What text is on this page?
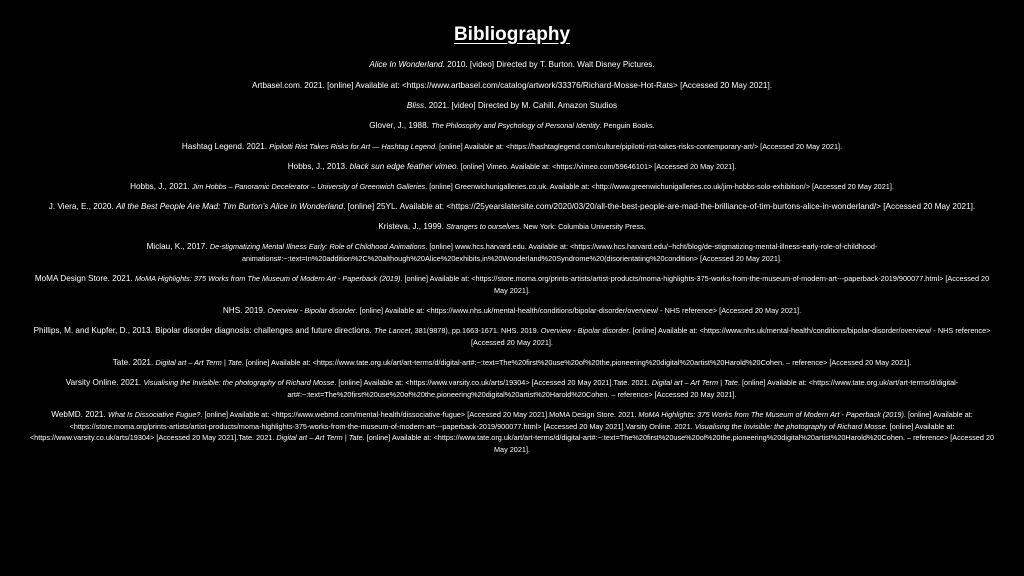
Bibliography
Alice In Wonderland. 2010. [video] Directed by T. Burton. Walt Disney Pictures.
Artbasel.com. 2021. [online] Available at: <https://www.artbasel.com/catalog/artwork/33376/Richard-Mosse-Hot-Rats> [Accessed 20 May 2021].
Bliss. 2021. [video] Directed by M. Cahill. Amazon Studios
Glover, J., 1988. The Philosophy and Psychology of Personal Identity. Penguin Books.
Hashtag Legend. 2021. Pipilotti Rist Takes Risks for Art — Hashtag Legend. [online] Available at: <https://hashtaglegend.com/culture/pipilotti-rist-takes-risks-contemporary-art/> [Accessed 20 May 2021].
Hobbs, J., 2013. black sun edge feather vimeo. [online] Vimeo. Available at: <https://vimeo.com/59646101> [Accessed 20 May 2021].
Hobbs, J., 2021. Jim Hobbs – Panoramic Decelerator – University of Greenwich Galleries. [online] Greenwichunigalleries.co.uk. Available at: <http://www.greenwichunigalleries.co.uk/jim-hobbs-solo-exhibition/> [Accessed 20 May 2021].
J. Viera, E., 2020. All the Best People Are Mad: Tim Burton’s Alice in Wonderland. [online] 25YL. Available at: <https://25yearslatersite.com/2020/03/20/all-the-best-people-are-mad-the-brilliance-of-tim-burtons-alice-in-wonderland/> [Accessed 20 May 2021].
Kristeva, J., 1999. Strangers to ourselves. New York: Columbia University Press.
Miclau, K., 2017. De-stigmatizing Mental Illness Early: Role of Childhood Animations. [online] www.hcs.harvard.edu. Available at: <https://www.hcs.harvard.edu/~hcht/blog/de-stigmatizing-mental-illness-early-role-of-childhood-animations#:~:text=In%20addition%2C%20although%20Alice%20exhibits,in%20Wonderland%20Syndrome%20(disorientating%20condition> [Accessed 20 May 2021].
MoMA Design Store. 2021. MoMA Highlights: 375 Works from The Museum of Modern Art - Paperback (2019). [online] Available at: <https://store.moma.org/prints-artists/artist-products/moma-highlights-375-works-from-the-museum-of-modern-art---paperback-2019/900077.html> [Accessed 20 May 2021].
NHS. 2019. Overview - Bipolar disorder. [online] Available at: <https://www.nhs.uk/mental-health/conditions/bipolar-disorder/overview/ - NHS reference> [Accessed 20 May 2021].
Phillips, M. and Kupfer, D., 2013. Bipolar disorder diagnosis: challenges and future directions. The Lancet, 381(9878), pp.1663-1671. NHS. 2019. Overview - Bipolar disorder. [online] Available at: <https://www.nhs.uk/mental-health/conditions/bipolar-disorder/overview/ - NHS reference> [Accessed 20 May 2021].
Tate. 2021. Digital art – Art Term | Tate. [online] Available at: <https://www.tate.org.uk/art/art-terms/d/digital-art#:~:text=The%20first%20use%20of%20the,pioneering%20digital%20artist%20Harold%20Cohen. – reference> [Accessed 20 May 2021].
Varsity Online. 2021. Visualising the Invisible: the photography of Richard Mosse. [online] Available at: <https://www.varsity.co.uk/arts/19304> [Accessed 20 May 2021].Tate. 2021. Digital art – Art Term | Tate. [online] Available at: <https://www.tate.org.uk/art/art-terms/d/digital-art#:~:text=The%20first%20use%20of%20the,pioneering%20digital%20artist%20Harold%20Cohen. – reference> [Accessed 20 May 2021].
WebMD. 2021. What Is Dissociative Fugue?. [online] Available at: <https://www.webmd.com/mental-health/dissociative-fugue> [Accessed 20 May 2021].MoMA Design Store. 2021. MoMA Highlights: 375 Works from The Museum of Modern Art - Paperback (2019). [online] Available at: <https://store.moma.org/prints-artists/artist-products/moma-highlights-375-works-from-the-museum-of-modern-art---paperback-2019/900077.html> [Accessed 20 May 2021].Varsity Online. 2021. Visualising the Invisible: the photography of Richard Mosse. [online] Available at: <https://www.varsity.co.uk/arts/19304> [Accessed 20 May 2021].Tate. 2021. Digital art – Art Term | Tate. [online] Available at: <https://www.tate.org.uk/art/art-terms/d/digital-art#:~:text=The%20first%20use%20of%20the,pioneering%20digital%20artist%20Harold%20Cohen. – reference> [Accessed 20 May 2021].
